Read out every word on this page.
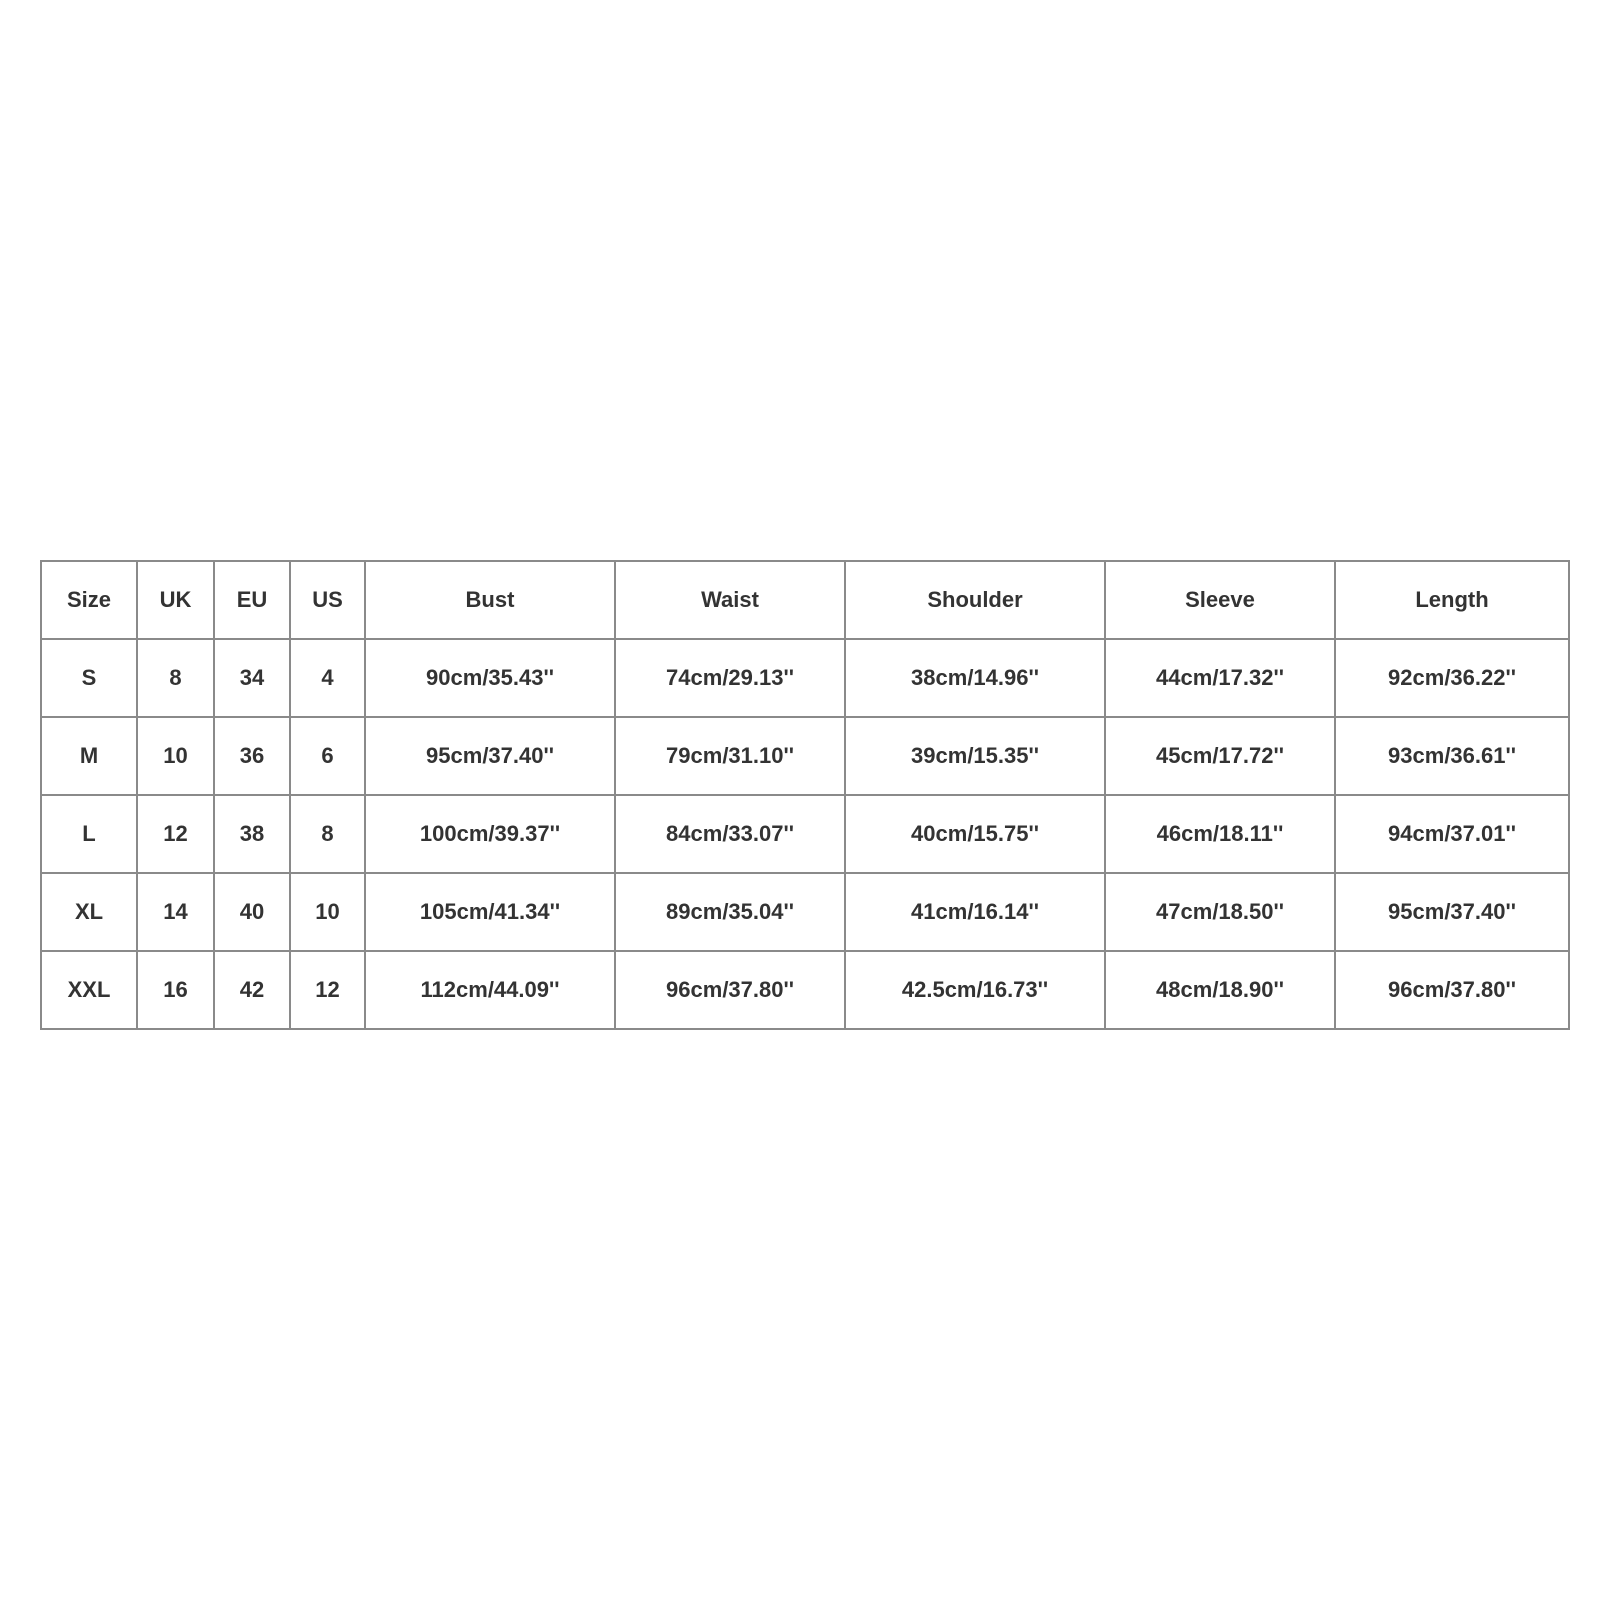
Size	UK	EU	US	Bust	Waist	Shoulder	Sleeve	Length
S	8	34	4	90cm/35.43''	74cm/29.13''	38cm/14.96''	44cm/17.32''	92cm/36.22''
M	10	36	6	95cm/37.40''	79cm/31.10''	39cm/15.35''	45cm/17.72''	93cm/36.61''
L	12	38	8	100cm/39.37''	84cm/33.07''	40cm/15.75''	46cm/18.11''	94cm/37.01''
XL	14	40	10	105cm/41.34''	89cm/35.04''	41cm/16.14''	47cm/18.50''	95cm/37.40''
XXL	16	42	12	112cm/44.09''	96cm/37.80''	42.5cm/16.73''	48cm/18.90''	96cm/37.80''
